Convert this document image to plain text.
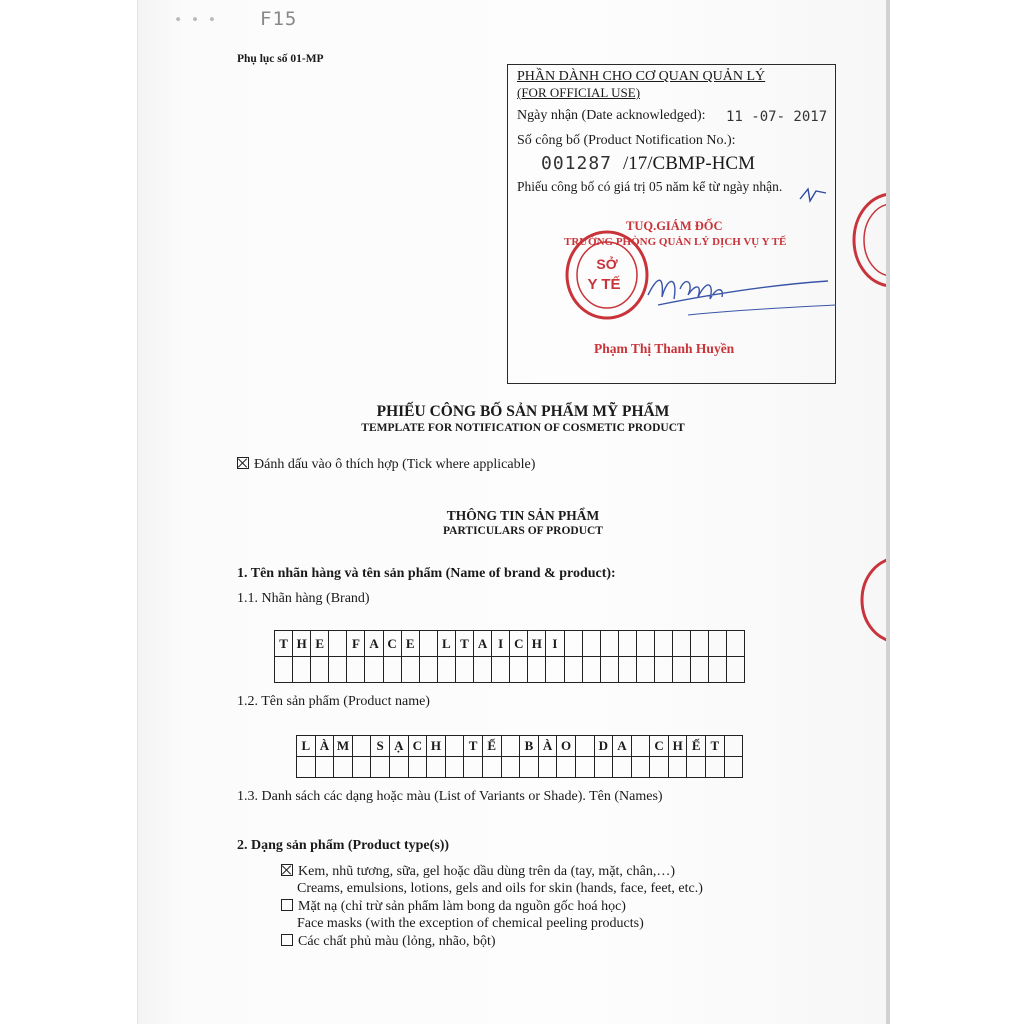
F15
∙ ∙ ∙
Phụ lục số 01-MP
PHẦN DÀNH CHO CƠ QUAN QUẢN LÝ
(FOR OFFICIAL USE)
Ngày nhận (Date acknowledged): 11 -07- 2017
Số công bố (Product Notification No.):
001287 /17/CBMP-HCM
Phiếu công bố có giá trị 05 năm kể từ ngày nhận.
TUQ.GIÁM ĐỐC
TRƯỞNG PHÒNG QUẢN LÝ DỊCH VỤ Y TẾ
SỞ
Y TẾ
Phạm Thị Thanh Huyền
PHIẾU CÔNG BỐ SẢN PHẨM MỸ PHẨM
TEMPLATE FOR NOTIFICATION OF COSMETIC PRODUCT
Đánh dấu vào ô thích hợp (Tick where applicable)
THÔNG TIN SẢN PHẨM
PARTICULARS OF PRODUCT
1. Tên nhãn hàng và tên sản phẩm (Name of brand & product):
1.1. Nhãn hàng (Brand)
T H E	F A C E	L T A I C H I
1.2. Tên sản phẩm (Product name)
L À M	S Ạ C H	T Ế	B À O	D A	C H Ế T
1.3. Danh sách các dạng hoặc màu (List of Variants or Shade). Tên (Names)
2. Dạng sản phẩm (Product type(s))
Kem, nhũ tương, sữa, gel hoặc dầu dùng trên da (tay, mặt, chân,…)
Creams, emulsions, lotions, gels and oils for skin (hands, face, feet, etc.)
Mặt nạ (chỉ trừ sản phẩm làm bong da nguồn gốc hoá học)
Face masks (with the exception of chemical peeling products)
Các chất phủ màu (lỏng, nhão, bột)
